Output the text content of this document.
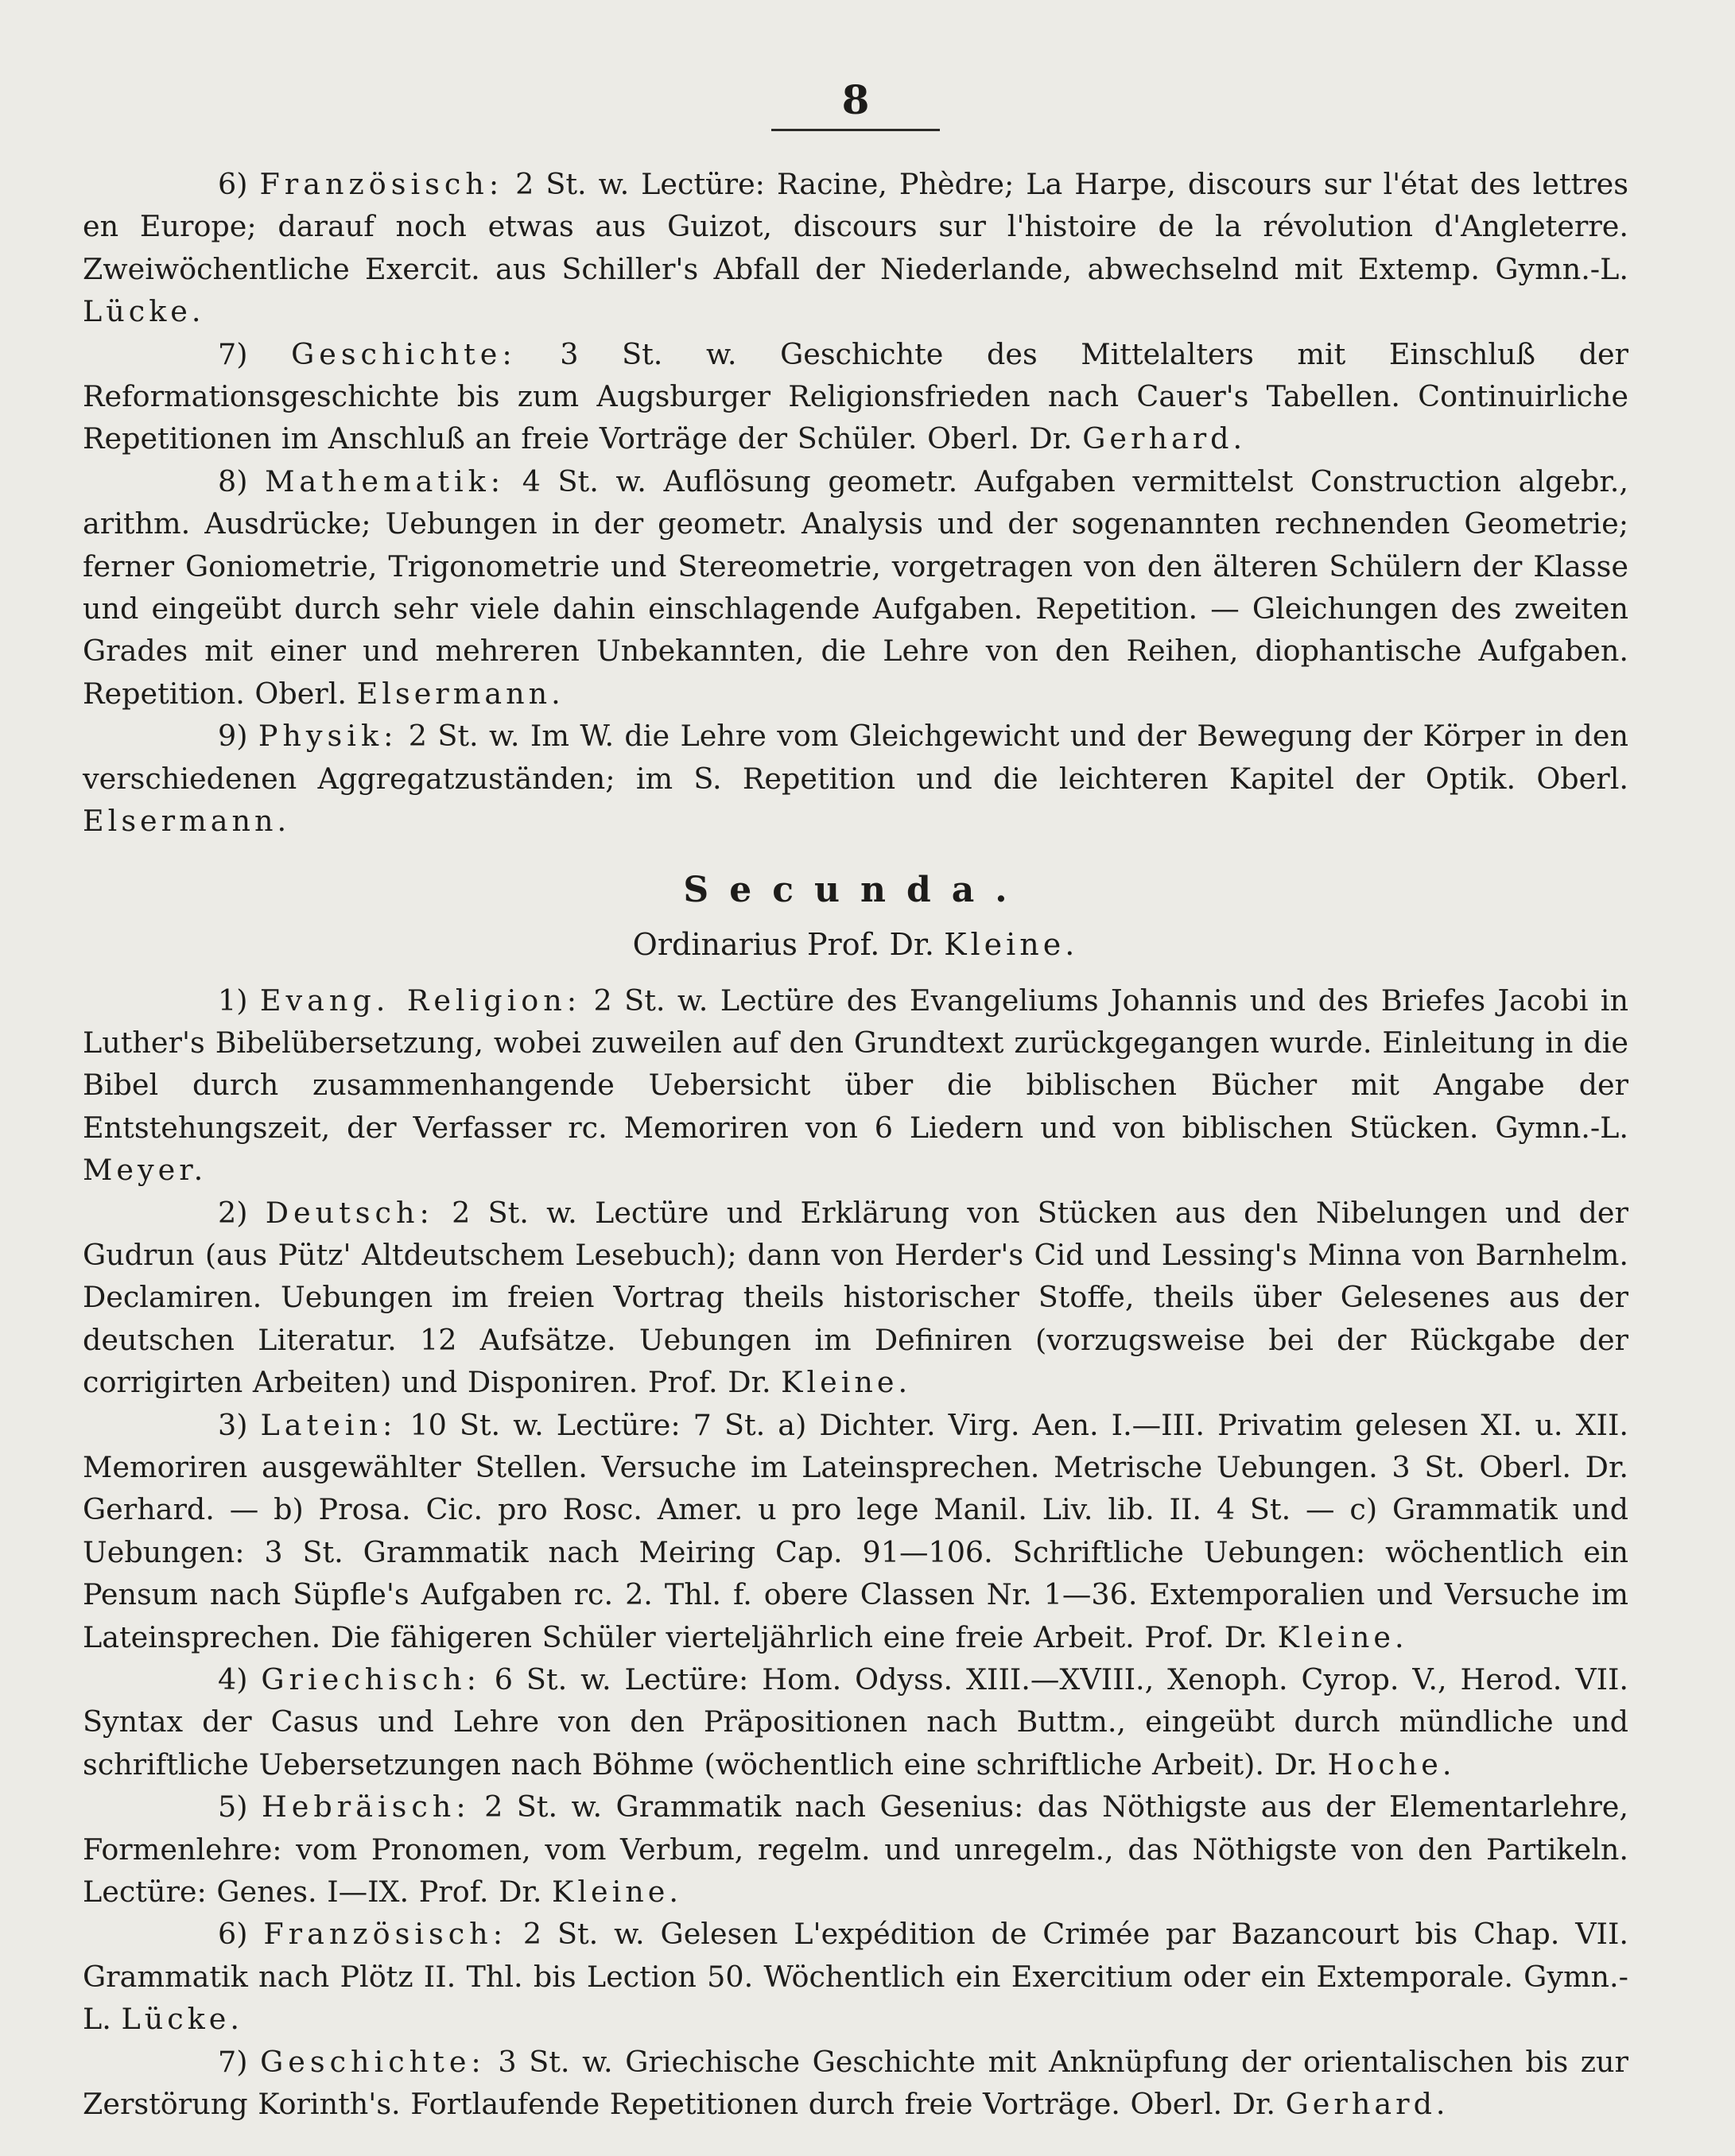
8

6) Französisch: 2 St. w. Lectüre: Racine, Phèdre; La Harpe, discours sur l'état des lettres en Europe; darauf noch etwas aus Guizot, discours sur l'histoire de la révolution d'Angleterre. Zweiwöchentliche Exercit. aus Schiller's Abfall der Niederlande, abwechselnd mit Extemp. Gymn.-L. Lücke.

7) Geschichte: 3 St. w. Geschichte des Mittelalters mit Einschluß der Reformationsgeschichte bis zum Augsburger Religionsfrieden nach Cauer's Tabellen. Continuirliche Repetitionen im Anschluß an freie Vorträge der Schüler. Oberl. Dr. Gerhard.

8) Mathematik: 4 St. w. Auflösung geometr. Aufgaben vermittelst Construction algebr., arithm. Ausdrücke; Uebungen in der geometr. Analysis und der sogenannten rechnenden Geometrie; ferner Goniometrie, Trigonometrie und Stereometrie, vorgetragen von den älteren Schülern der Klasse und eingeübt durch sehr viele dahin einschlagende Aufgaben. Repetition. — Gleichungen des zweiten Grades mit einer und mehreren Unbekannten, die Lehre von den Reihen, diophantische Aufgaben. Repetition. Oberl. Elsermann.

9) Physik: 2 St. w. Im W. die Lehre vom Gleichgewicht und der Bewegung der Körper in den verschiedenen Aggregatzuständen; im S. Repetition und die leichteren Kapitel der Optik. Oberl. Elsermann.

Secunda.
Ordinarius Prof. Dr. Kleine.

1) Evang. Religion: 2 St. w. Lectüre des Evangeliums Johannis und des Briefes Jacobi in Luther's Bibelübersetzung, wobei zuweilen auf den Grundtext zurückgegangen wurde. Einleitung in die Bibel durch zusammenhangende Uebersicht über die biblischen Bücher mit Angabe der Entstehungszeit, der Verfasser rc. Memoriren von 6 Liedern und von biblischen Stücken. Gymn.-L. Meyer.

2) Deutsch: 2 St. w. Lectüre und Erklärung von Stücken aus den Nibelungen und der Gudrun (aus Pütz' Altdeutschem Lesebuch); dann von Herder's Cid und Lessing's Minna von Barnhelm. Declamiren. Uebungen im freien Vortrag theils historischer Stoffe, theils über Gelesenes aus der deutschen Literatur. 12 Aufsätze. Uebungen im Definiren (vorzugsweise bei der Rückgabe der corrigirten Arbeiten) und Disponiren. Prof. Dr. Kleine.

3) Latein: 10 St. w. Lectüre: 7 St. a) Dichter. Virg. Aen. I.—III. Privatim gelesen XI. u. XII. Memoriren ausgewählter Stellen. Versuche im Lateinsprechen. Metrische Uebungen. 3 St. Oberl. Dr. Gerhard. — b) Prosa. Cic. pro Rosc. Amer. u pro lege Manil. Liv. lib. II. 4 St. — c) Grammatik und Uebungen: 3 St. Grammatik nach Meiring Cap. 91—106. Schriftliche Uebungen: wöchentlich ein Pensum nach Süpfle's Aufgaben rc. 2. Thl. f. obere Classen Nr. 1—36. Extemporalien und Versuche im Lateinsprechen. Die fähigeren Schüler vierteljährlich eine freie Arbeit. Prof. Dr. Kleine.

4) Griechisch: 6 St. w. Lectüre: Hom. Odyss. XIII.—XVIII., Xenoph. Cyrop. V., Herod. VII. Syntax der Casus und Lehre von den Präpositionen nach Buttm., eingeübt durch mündliche und schriftliche Uebersetzungen nach Böhme (wöchentlich eine schriftliche Arbeit). Dr. Hoche.

5) Hebräisch: 2 St. w. Grammatik nach Gesenius: das Nöthigste aus der Elementarlehre, Formenlehre: vom Pronomen, vom Verbum, regelm. und unregelm., das Nöthigste von den Partikeln. Lectüre: Genes. I—IX. Prof. Dr. Kleine.

6) Französisch: 2 St. w. Gelesen L'expédition de Crimée par Bazancourt bis Chap. VII. Grammatik nach Plötz II. Thl. bis Lection 50. Wöchentlich ein Exercitium oder ein Extemporale. Gymn.-L. Lücke.

7) Geschichte: 3 St. w. Griechische Geschichte mit Anknüpfung der orientalischen bis zur Zerstörung Korinth's. Fortlaufende Repetitionen durch freie Vorträge. Oberl. Dr. Gerhard.
